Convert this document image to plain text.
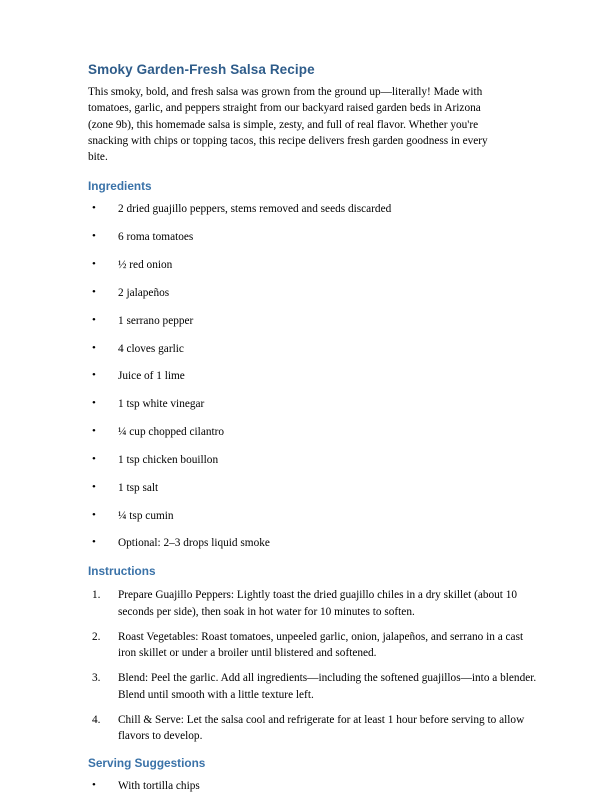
Smoky Garden-Fresh Salsa Recipe

This smoky, bold, and fresh salsa was grown from the ground up—literally! Made with tomatoes, garlic, and peppers straight from our backyard raised garden beds in Arizona (zone 9b), this homemade salsa is simple, zesty, and full of real flavor. Whether you're snacking with chips or topping tacos, this recipe delivers fresh garden goodness in every bite.

Ingredients
• 2 dried guajillo peppers, stems removed and seeds discarded
• 6 roma tomatoes
• ½ red onion
• 2 jalapeños
• 1 serrano pepper
• 4 cloves garlic
• Juice of 1 lime
• 1 tsp white vinegar
• ¼ cup chopped cilantro
• 1 tsp chicken bouillon
• 1 tsp salt
• ¼ tsp cumin
• Optional: 2–3 drops liquid smoke
Instructions
Prepare Guajillo Peppers: Lightly toast the dried guajillo chiles in a dry skillet (about 10 seconds per side), then soak in hot water for 10 minutes to soften.
Roast Vegetables: Roast tomatoes, unpeeled garlic, onion, jalapeños, and serrano in a cast iron skillet or under a broiler until blistered and softened.
Blend: Peel the garlic. Add all ingredients—including the softened guajillos—into a blender. Blend until smooth with a little texture left.
Chill & Serve: Let the salsa cool and refrigerate for at least 1 hour before serving to allow flavors to develop.
Serving Suggestions
• With tortilla chips
